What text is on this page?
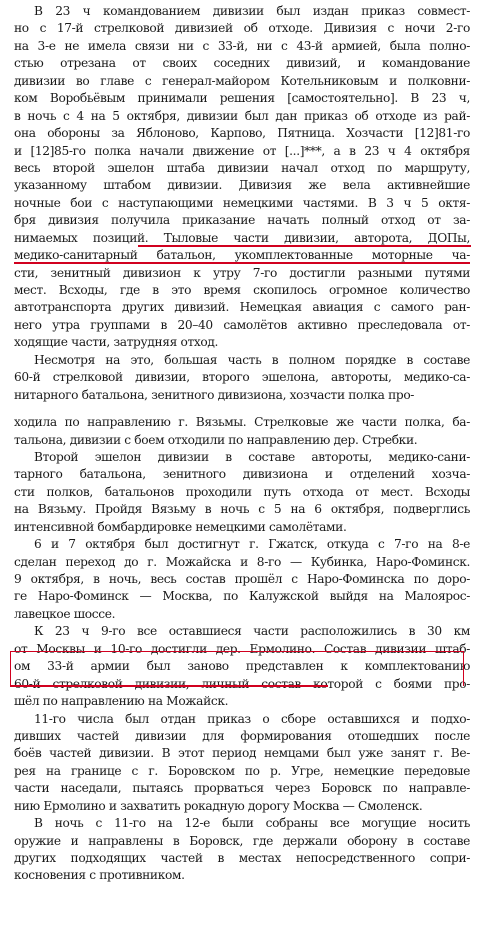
В 23 ч командованием дивизии был издан приказ совмест-
но с 17-й стрелковой дивизией об отходе. Дивизия с ночи 2-го
на 3-е не имела связи ни с 33-й, ни с 43-й армией, была полно-
стью отрезана от своих соседних дивизий, и командование
дивизии во главе с генерал-майором Котельниковым и полковни-
ком Воробьёвым принимали решения [самостоятельно]. В 23 ч,
в ночь с 4 на 5 октября, дивизии был дан приказ об отходе из рай-
она обороны за Яблоново, Карпово, Пятница. Хозчасти [12]81-го
и [12]85-го полка начали движение от [...]***, а в 23 ч 4 октября
весь второй эшелон штаба дивизии начал отход по маршруту,
указанному штабом дивизии. Дивизия же вела активнейшие
ночные бои с наступающими немецкими частями. В 3 ч 5 октя-
бря дивизия получила приказание начать полный отход от за-
нимаемых позиций. Тыловые части дивизии, авторота, ДОПы,
медико-санитарный батальон, укомплектованные моторные ча-
сти, зенитный дивизион к утру 7-го достигли разными путями
мест. Всходы, где в это время скопилось огромное количество
автотранспорта других дивизий. Немецкая авиация с самого ран-
него утра группами в 20–40 самолётов активно преследовала от-
ходящие части, затрудняя отход.
Несмотря на это, большая часть в полном порядке в составе
60-й стрелковой дивизии, второго эшелона, автороты, медико-са-
нитарного батальона, зенитного дивизиона, хозчасти полка про-
ходила по направлению г. Вязьмы. Стрелковые же части полка, ба-
тальона, дивизии с боем отходили по направлению дер. Стребки.
Второй эшелон дивизии в составе автороты, медико-сани-
тарного батальона, зенитного дивизиона и отделений хозча-
сти полков, батальонов проходили путь отхода от мест. Всходы
на Вязьму. Пройдя Вязьму в ночь с 5 на 6 октября, подверглись
интенсивной бомбардировке немецкими самолётами.
6 и 7 октября был достигнут г. Гжатск, откуда с 7-го на 8-е
сделан переход до г. Можайска и 8-го — Кубинка, Наро-Фоминск.
9 октября, в ночь, весь состав прошёл с Наро-Фоминска по доро-
ге Наро-Фоминск — Москва, по Калужской выйдя на Малоярос-
лавецкое шоссе.
К 23 ч 9-го все оставшиеся части расположились в 30 км
от Москвы и 10-го достигли дер. Ермолино. Состав дивизии штаб-
ом 33-й армии был заново представлен к комплектованию
60-й стрелковой дивизии, личный состав которой с боями про-
шёл по направлению на Можайск.
11-го числа был отдан приказ о сборе оставшихся и подхо-
дивших частей дивизии для формирования отошедших после
боёв частей дивизии. В этот период немцами был уже занят г. Ве-
рея на границе с г. Боровском по р. Угре, немецкие передовые
части наседали, пытаясь прорваться через Боровск по направле-
нию Ермолино и захватить рокадную дорогу Москва — Смоленск.
В ночь с 11-го на 12-е были собраны все могущие носить
оружие и направлены в Боровск, где держали оборону в составе
других подходящих частей в местах непосредственного сопри-
косновения с противником.
